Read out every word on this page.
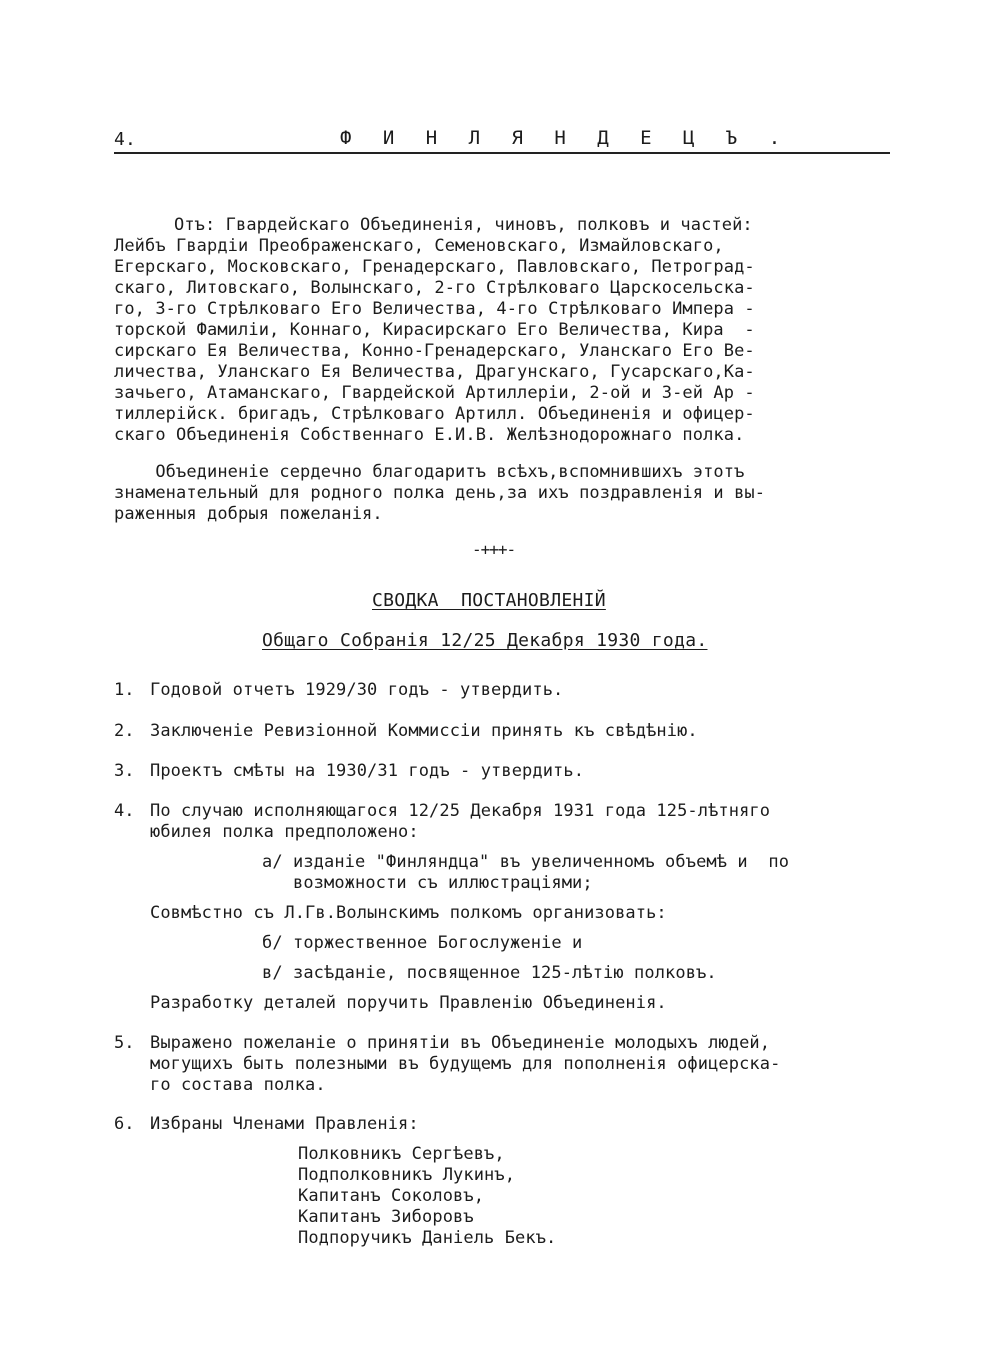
4.	Ф И Н Л Я Н Д Е Ц Ъ .
Отъ: Гвардейскаго Объединенія, чиновъ, полковъ и частей:
Лейбъ Гвардіи Преображенскаго, Семеновскаго, Измайловскаго,
Егерскаго, Московскаго, Гренадерскаго, Павловскаго, Петроград-
скаго, Литовскаго, Волынскаго, 2-го Стрѣлковаго Царскосельска-
го, 3-го Стрѣлковаго Его Величества, 4-го Стрѣлковаго Импера -
торской Фамиліи, Коннаго, Кирасирскаго Его Величества, Кира  -
сирскаго Ея Величества, Конно-Гренадерскаго, Уланскаго Его Ве-
личества, Уланскаго Ея Величества, Драгунскаго, Гусарскаго,Ка-
зачьего, Атаманскаго, Гвардейской Артиллеріи, 2-ой и 3-ей Ар -
тиллерійск. бригадъ, Стрѣлковаго Артилл. Объединенія и офицер-
скаго Объединенія Собственнаго Е.И.В. Желѣзнодорожнаго полка.
Объединеніе сердечно благодаритъ всѣхъ,вспомнившихъ этотъ
знаменательный для родного полка день,за ихъ поздравленія и вы-
раженныя добрыя пожеланія.
-+++-
СВОДКА  ПОСТАНОВЛЕНІЙ
Общаго Собранія 12/25 Декабря 1930 года.
1. Годовой отчетъ 1929/30 годъ - утвердить.
2. Заключеніе Ревизіонной Коммиссіи принять къ свѣдѣнію.
3. Проектъ смѣты на 1930/31 годъ - утвердить.
4. По случаю исполняющагося 12/25 Декабря 1931 года 125-лѣтняго
юбилея полка предположено:
а/ изданіе "Финляндца" въ увеличенномъ объемѣ и  по
возможности съ иллюстраціями;
Совмѣстно съ Л.Гв.Волынскимъ полкомъ организовать:
б/ торжественное Богослуженіе и
в/ засѣданіе, посвященное 125-лѣтію полковъ.
Разработку деталей поручить Правленію Объединенія.
5. Выражено пожеланіе о принятіи въ Объединеніе молодыхъ людей,
могущихъ быть полезными въ будущемъ для пополненія офицерска-
го состава полка.
6. Избраны Членами Правленія:
Полковникъ Сергѣевъ,
Подполковникъ Лукинъ,
Капитанъ Соколовъ,
Капитанъ Зиборовъ
Подпоручикъ Даніель Бекъ.
